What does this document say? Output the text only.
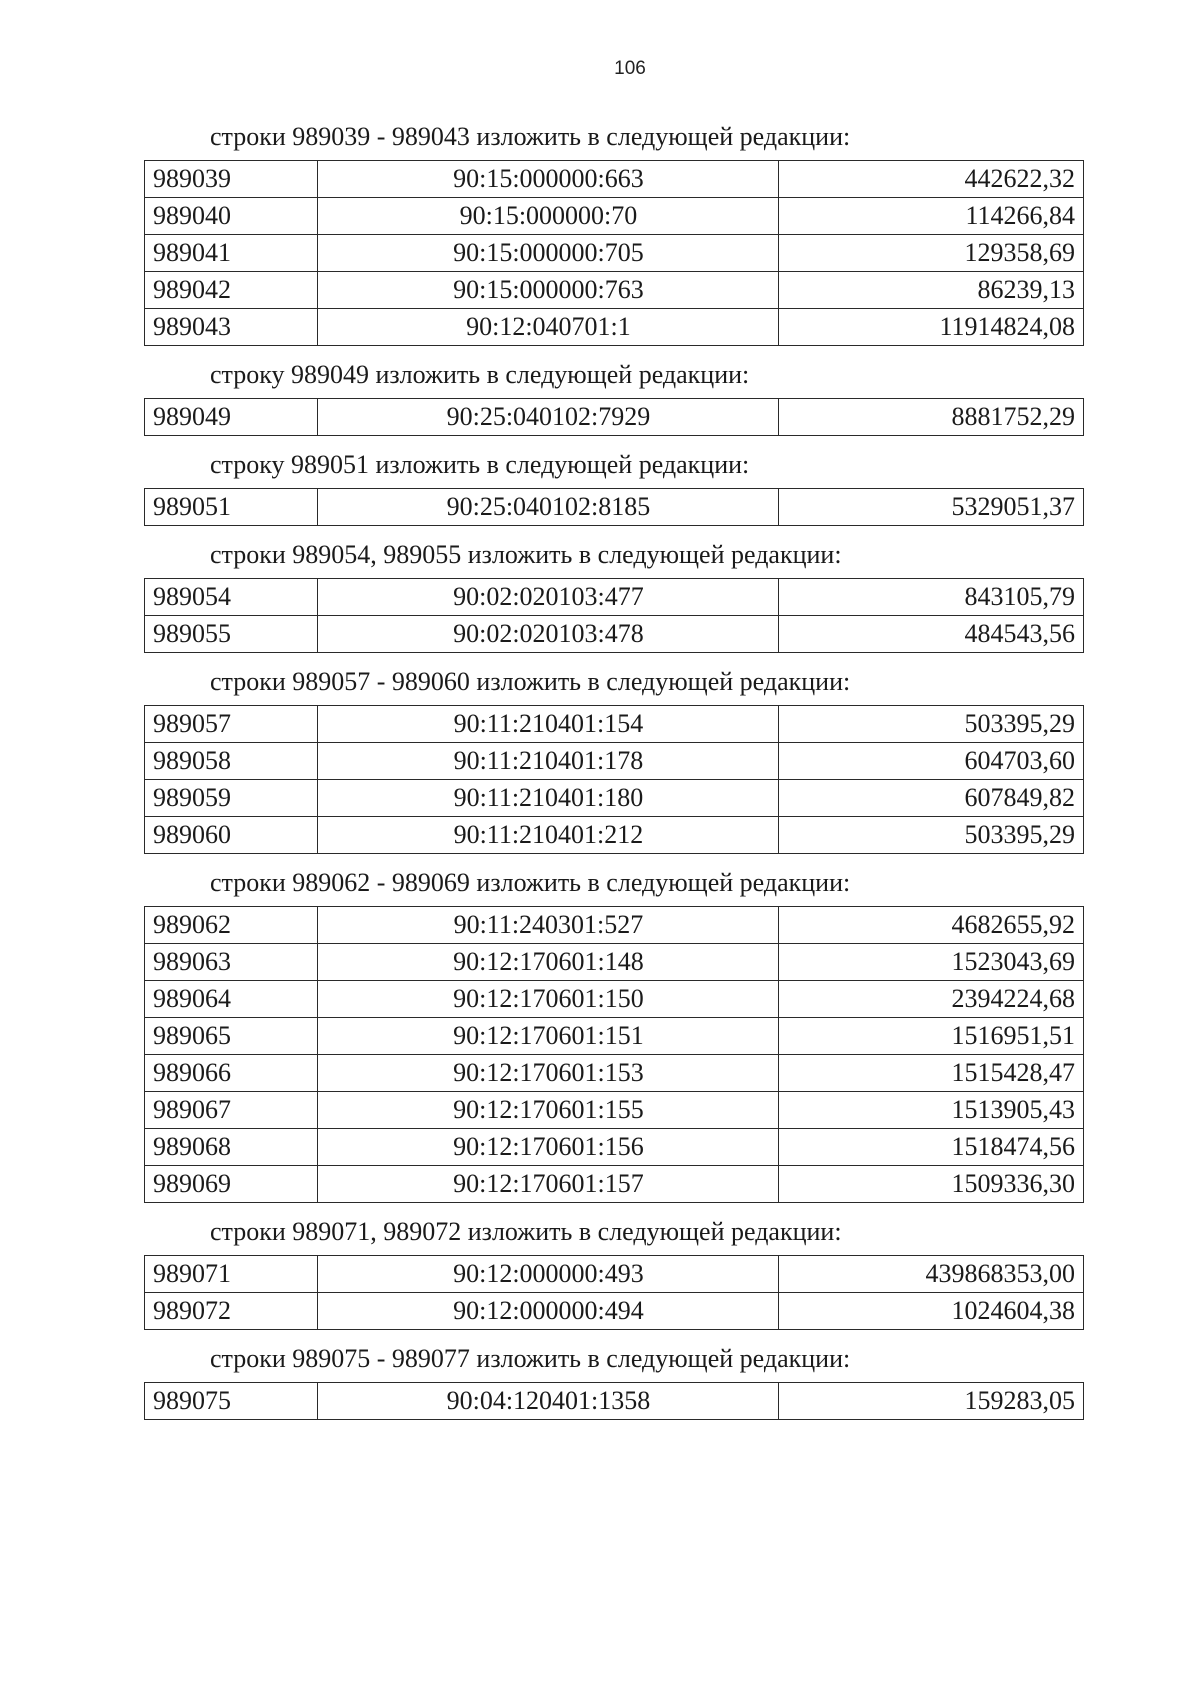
106
строки 989039 - 989043 изложить в следующей редакции:
989039	90:15:000000:663	442622,32
989040	90:15:000000:70	114266,84
989041	90:15:000000:705	129358,69
989042	90:15:000000:763	86239,13
989043	90:12:040701:1	11914824,08
строку 989049 изложить в следующей редакции:
989049	90:25:040102:7929	8881752,29
строку 989051 изложить в следующей редакции:
989051	90:25:040102:8185	5329051,37
строки 989054, 989055 изложить в следующей редакции:
989054	90:02:020103:477	843105,79
989055	90:02:020103:478	484543,56
строки 989057 - 989060 изложить в следующей редакции:
989057	90:11:210401:154	503395,29
989058	90:11:210401:178	604703,60
989059	90:11:210401:180	607849,82
989060	90:11:210401:212	503395,29
строки 989062 - 989069 изложить в следующей редакции:
989062	90:11:240301:527	4682655,92
989063	90:12:170601:148	1523043,69
989064	90:12:170601:150	2394224,68
989065	90:12:170601:151	1516951,51
989066	90:12:170601:153	1515428,47
989067	90:12:170601:155	1513905,43
989068	90:12:170601:156	1518474,56
989069	90:12:170601:157	1509336,30
строки 989071, 989072 изложить в следующей редакции:
989071	90:12:000000:493	439868353,00
989072	90:12:000000:494	1024604,38
строки 989075 - 989077 изложить в следующей редакции:
989075	90:04:120401:1358	159283,05
